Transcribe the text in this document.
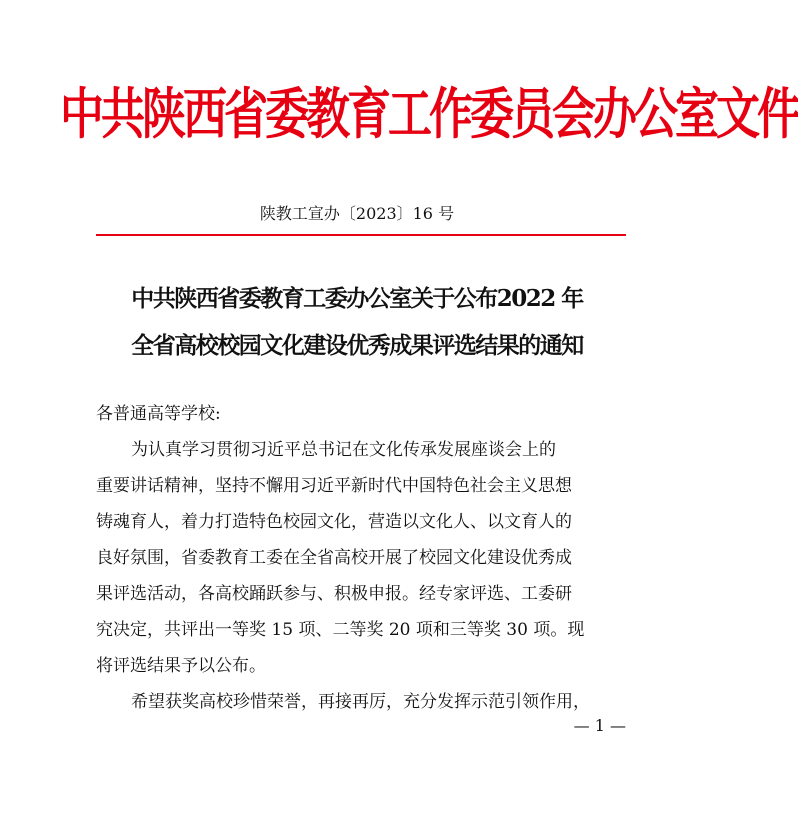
中共陕西省委教育工作委员会办公室文件
陕教工宣办〔2023〕16 号
中共陕西省委教育工委办公室关于公布2022 年
全省高校校园文化建设优秀成果评选结果的通知
各普通高等学校:
为认真学习贯彻习近平总书记在文化传承发展座谈会上的
重要讲话精神，坚持不懈用习近平新时代中国特色社会主义思想
铸魂育人，着力打造特色校园文化，营造以文化人、以文育人的
良好氛围，省委教育工委在全省高校开展了校园文化建设优秀成
果评选活动，各高校踊跃参与、积极申报。经专家评选、工委研
究决定，共评出一等奖 15 项、二等奖 20 项和三等奖 30 项。现
将评选结果予以公布。
希望获奖高校珍惜荣誉，再接再厉，充分发挥示范引领作用，
— 1 —
